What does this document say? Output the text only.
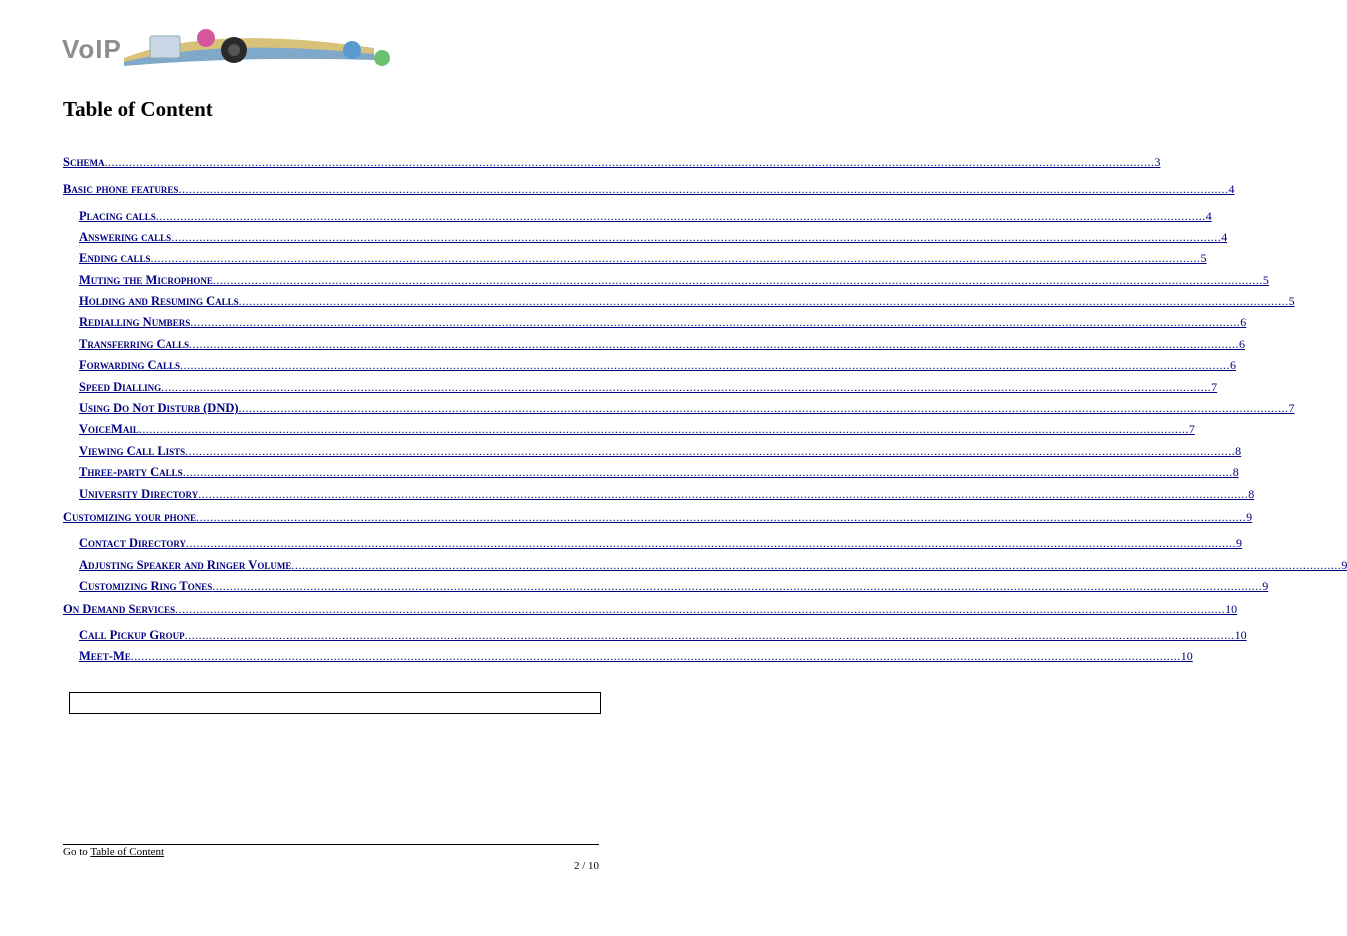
VoIP
Table of Content
Schema ............................................................................................................................................................................................................................................................................................................ 3
Basic phone features ............................................................................................................................................................................................................................................................................................................ 4
Placing calls ............................................................................................................................................................................................................................................................................................................ 4
Answering calls ............................................................................................................................................................................................................................................................................................................ 4
Ending calls ............................................................................................................................................................................................................................................................................................................ 5
Muting the Microphone ............................................................................................................................................................................................................................................................................................................ 5
Holding and Resuming Calls ............................................................................................................................................................................................................................................................................................................ 5
Redialling Numbers ............................................................................................................................................................................................................................................................................................................ 6
Transferring Calls ............................................................................................................................................................................................................................................................................................................ 6
Forwarding Calls ............................................................................................................................................................................................................................................................................................................ 6
Speed Dialling ............................................................................................................................................................................................................................................................................................................ 7
Using Do Not Disturb (DND) ............................................................................................................................................................................................................................................................................................................ 7
VoiceMail ............................................................................................................................................................................................................................................................................................................ 7
Viewing Call Lists ............................................................................................................................................................................................................................................................................................................ 8
Three-party Calls ............................................................................................................................................................................................................................................................................................................ 8
University Directory ............................................................................................................................................................................................................................................................................................................ 8
Customizing your phone ............................................................................................................................................................................................................................................................................................................ 9
Contact Directory ............................................................................................................................................................................................................................................................................................................ 9
Adjusting Speaker and Ringer Volume ............................................................................................................................................................................................................................................................................................................ 9
Customizing Ring Tones ............................................................................................................................................................................................................................................................................................................ 9
On Demand Services ............................................................................................................................................................................................................................................................................................................ 10
Call Pickup Group ............................................................................................................................................................................................................................................................................................................ 10
Meet-Me ............................................................................................................................................................................................................................................................................................................ 10
Go to Table of Content
2 / 10
